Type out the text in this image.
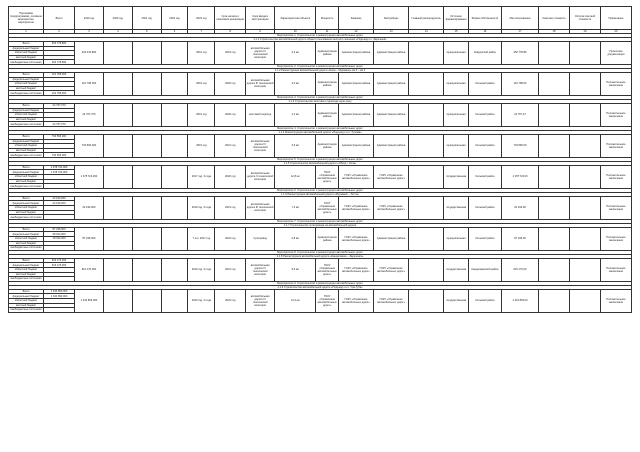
Программа (подпрограмма), основное мероприятие, мероприятие	Всего	2019 год	2020 год	2021 год	2022 год	2023 год	Срок начала и окончания реализации	Срок ввода в эксплуатацию	Характеристика объекта	Мощность	Заказчик	Застройщик	Главный распорядитель	Источник финансирования	Форма собственности	Местоположение	Сметная стоимость	Остаток сметной стоимости	Примечание
1	2	3	4	5	6	7	8	9	10	11	12	13	14	15	16	17	18	19	20
Мероприятие 1. Строительство и реконструкция автомобильных дорог																			
1.1.1 Строительство автомобильной дороги общего пользования местного значения «Подъезд к п. Заречный»																			
Всего	452 778,860	323 443,860				2019 год	2019 год	автомобильная дорога IV технической категории	2,4 км	Администрация района	Администрация района	Администрация района		муниципальная	Ковдорский район	452 778,86			Проектная документация
федеральный бюджет																			
областной бюджет																			
местный бюджет																			
внебюджетные источники	452 778,860																		
Мероприятие 2. Строительство и реконструкция автомобильных дорог																			
1.1.2 Реконструкция автомобильной дороги «Кола – Мурмаши» км 0 – км 4																			
Всего	161 768,000	161 768,000				2019 год	2020 год	автомобильная дорога III технической категории	4,0 км	Администрация района	Администрация района	Администрация района		муниципальная	Кольский район	161 768,00			Положительное заключение
федеральный бюджет																			
областной бюджет																			
местный бюджет																			
внебюджетные источники	161 768,000																		
Мероприятие 3. Строительство и реконструкция автомобильных дорог																			
1.1.3 Строительство мостового перехода через реку																			
Всего	24 767,370	24 767,370				2019 год	2020 год	мостовой переход	1,2 км	Администрация района	Администрация района	Администрация района		муниципальная	Кольский район	24 767,37			Положительное заключение
федеральный бюджет																			
областной бюджет																			
местный бюджет																			
внебюджетные источники	24 767,370																		
Мероприятие 4. Строительство и реконструкция автомобильных дорог																			
1.1.4 Реконструкция автомобильной дороги «Подъезд к н.п. Тулома»																			
Всего	734 566,000	734 566,000				2019 год	2021 год	автомобильная дорога IV технической категории	3,6 км	Администрация района	Администрация района	Администрация района		муниципальная	Кольский район	734 566,00			Положительное заключение
федеральный бюджет																			
областной бюджет																			
местный бюджет																			
внебюджетные источники	734 566,000																		
Мероприятие 5. Строительство и реконструкция автомобильных дорог																			
1.1.5 Строительство автомобильной дороги «Обход г. Кола»																			
Всего	1 378 724,000	1 378 724,000				2017 год, 3 года	2020 год	автомобильная дорога II технической категории	12,8 км	ГОКУ «Управление автомобильных дорог»	ГОКУ «Управление автомобильных дорог»	ГОКУ «Управление автомобильных дорог»		государственная	Кольский район	1 378 724,00			Положительное заключение
федеральный бюджет	1 378 724,000																		
областной бюджет																			
местный бюджет																			
внебюджетные источники																			
Мероприятие 6. Строительство и реконструкция автомобильных дорог																			
1.1.6 Реконструкция автомобильной дороги «Мурманск – Лотта»																			
Всего	22 193,000	22 193,000				2019 год, 3 года	2021 год	автомобильная дорога III технической категории	7,4 км	ГОКУ «Управление автомобильных дорог»	ГОКУ «Управление автомобильных дорог»	ГОКУ «Управление автомобильных дорог»		государственная	Кольский район	22 193,00			Положительное заключение
федеральный бюджет	22 193,000																		
областной бюджет																			
местный бюджет																			
внебюджетные источники																			
Мероприятие 7. Строительство и реконструкция автомобильных дорог																			
1.1.7 Строительство путепровода на автомобильной дороге																			
Всего	87 236,000	87 236,000				7 лет, 2017 год	2023 год	путепровод	0,8 км	Администрация района	ГОКУ «Управление автомобильных дорог»	Администрация района		муниципальная	Кольский район	87 236,00			Положительное заключение
федеральный бюджет	68 914,000																		
областной бюджет	18 322,000																		
местный бюджет																			
внебюджетные источники																			
Мероприятие 8. Строительство и реконструкция автомобильных дорог																			
1.1.8 Реконструкция автомобильной дороги «Кандалакша – Зареченск»																			
Всего	616 176,000	616 176,000				2019 год, 3 года	2021 год	автомобильная дорога IV технической категории	9,6 км	ГОКУ «Управление автомобильных дорог»	ГОКУ «Управление автомобильных дорог»	ГОКУ «Управление автомобильных дорог»		государственная	Кандалакшский район	616 176,00			Положительное заключение
федеральный бюджет	616 176,000																		
областной бюджет																			
местный бюджет																			
внебюджетные источники																			
Мероприятие 9. Строительство и реконструкция автомобильных дорог																			
1.1.9 Строительство автомобильной дороги «Подъезд к н.п. Ура-Губа»																			
Всего	1 344 893,000	1 344 893,000				2020 год, 3 года	2023 год	автомобильная дорога IV технической категории	14,2 км	ГОКУ «Управление автомобильных дорог»	ГОКУ «Управление автомобильных дорог»	ГОКУ «Управление автомобильных дорог»		государственная	Кольский район	1 344 893,00			Положительное заключение
федеральный бюджет	1 344 893,000																		
областной бюджет																			
местный бюджет																			
внебюджетные источники																			
